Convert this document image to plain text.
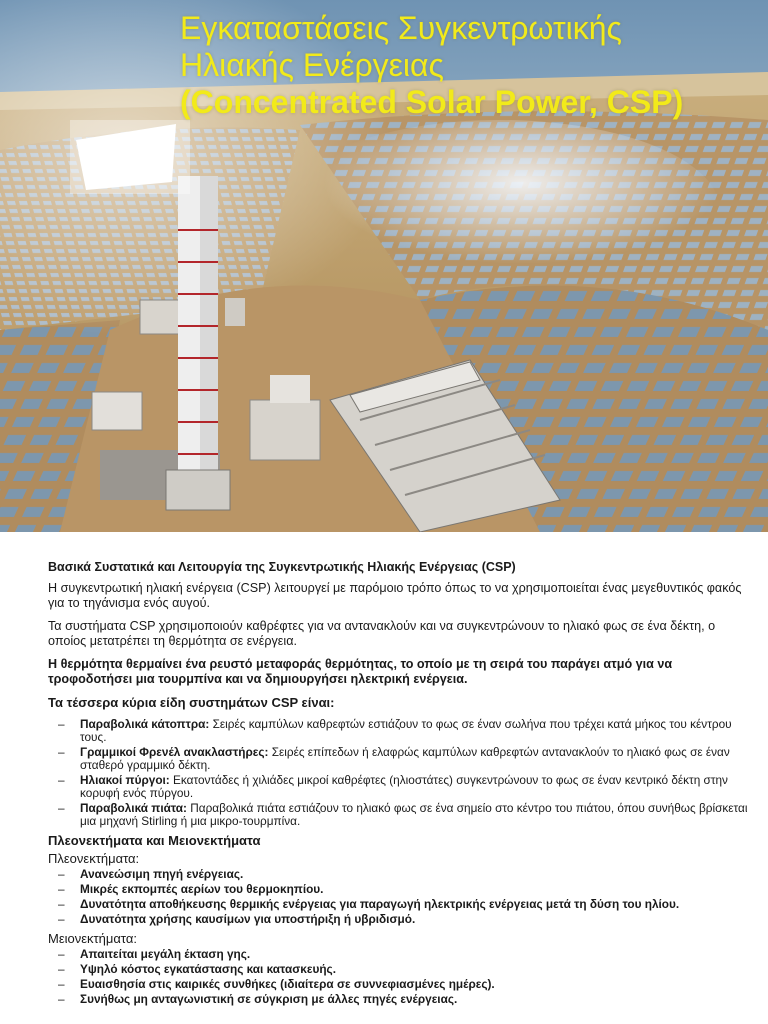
Εγκαταστάσεις Συγκεντρωτικής
Ηλιακής Ενέργειας
(Concentrated Solar Power, CSP)

Βασικά Συστατικά και Λειτουργία της Συγκεντρωτικής Ηλιακής Ενέργειας (CSP)

Η συγκεντρωτική ηλιακή ενέργεια (CSP) λειτουργεί με παρόμοιο τρόπο όπως το να χρησιμοποιείται ένας μεγεθυντικός φακός για το τηγάνισμα ενός αυγού.

Τα συστήματα CSP χρησιμοποιούν καθρέφτες για να αντανακλούν και να συγκεντρώνουν το ηλιακό φως σε ένα δέκτη, ο οποίος μετατρέπει τη θερμότητα σε ενέργεια.

Η θερμότητα θερμαίνει ένα ρευστό μεταφοράς θερμότητας, το οποίο με τη σειρά του παράγει ατμό για να τροφοδοτήσει μια τουρμπίνα και να δημιουργήσει ηλεκτρική ενέργεια.

Τα τέσσερα κύρια είδη συστημάτων CSP είναι:

– Παραβολικά κάτοπτρα: Σειρές καμπύλων καθρεφτών εστιάζουν το φως σε έναν σωλήνα που τρέχει κατά μήκος του κέντρου τους.
– Γραμμικοί Φρενέλ ανακλαστήρες: Σειρές επίπεδων ή ελαφρώς καμπύλων καθρεφτών αντανακλούν το ηλιακό φως σε έναν σταθερό γραμμικό δέκτη.
– Ηλιακοί πύργοι: Εκατοντάδες ή χιλιάδες μικροί καθρέφτες (ηλιοστάτες) συγκεντρώνουν το φως σε έναν κεντρικό δέκτη στην κορυφή ενός πύργου.
– Παραβολικά πιάτα: Παραβολικά πιάτα εστιάζουν το ηλιακό φως σε ένα σημείο στο κέντρο του πιάτου, όπου συνήθως βρίσκεται μια μηχανή Stirling ή μια μικρο-τουρμπίνα.

Πλεονεκτήματα και Μειονεκτήματα

Πλεονεκτήματα:

– Ανανεώσιμη πηγή ενέργειας.
– Μικρές εκπομπές αερίων του θερμοκηπίου.
– Δυνατότητα αποθήκευσης θερμικής ενέργειας για παραγωγή ηλεκτρικής ενέργειας μετά τη δύση του ηλίου.
– Δυνατότητα χρήσης καυσίμων για υποστήριξη ή υβριδισμό.

Μειονεκτήματα:

– Απαιτείται μεγάλη έκταση γης.
– Υψηλό κόστος εγκατάστασης και κατασκευής.
– Ευαισθησία στις καιρικές συνθήκες (ιδιαίτερα σε συννεφιασμένες ημέρες).
– Συνήθως μη ανταγωνιστική σε σύγκριση με άλλες πηγές ενέργειας.
